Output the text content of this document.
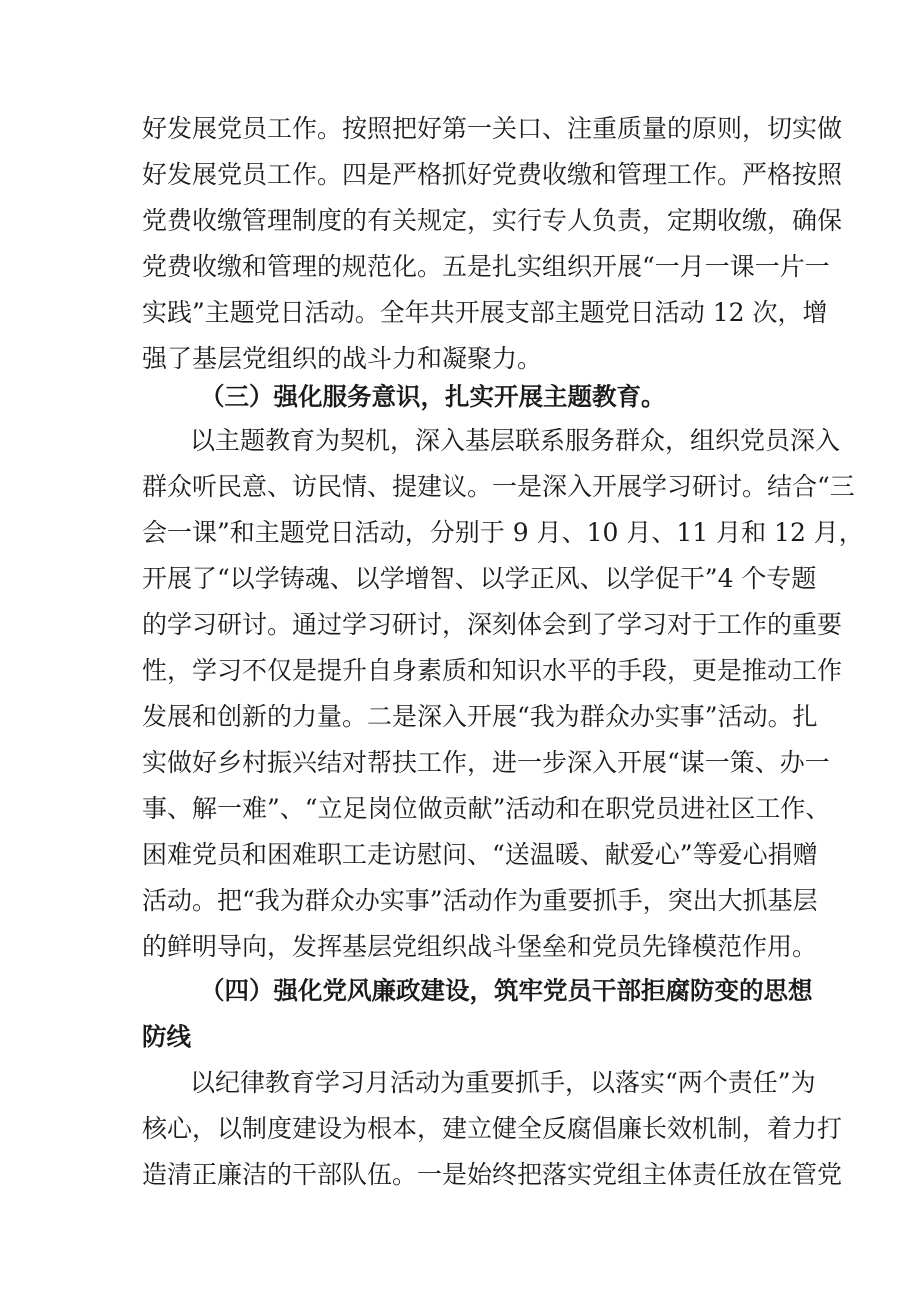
好发展党员工作。按照把好第一关口、注重质量的原则，切实做
好发展党员工作。四是严格抓好党费收缴和管理工作。严格按照
党费收缴管理制度的有关规定，实行专人负责，定期收缴，确保
党费收缴和管理的规范化。五是扎实组织开展“一月一课一片一
实践”主题党日活动。全年共开展支部主题党日活动 12 次，增
强了基层党组织的战斗力和凝聚力。
（三）强化服务意识，扎实开展主题教育。
以主题教育为契机，深入基层联系服务群众，组织党员深入
群众听民意、访民情、提建议。一是深入开展学习研讨。结合“三
会一课”和主题党日活动，分别于 9 月、10 月、11 月和 12 月，
开展了“以学铸魂、以学增智、以学正风、以学促干”4 个专题
的学习研讨。通过学习研讨，深刻体会到了学习对于工作的重要
性，学习不仅是提升自身素质和知识水平的手段，更是推动工作
发展和创新的力量。二是深入开展“我为群众办实事”活动。扎
实做好乡村振兴结对帮扶工作，进一步深入开展“谋一策、办一
事、解一难”、“立足岗位做贡献”活动和在职党员进社区工作、
困难党员和困难职工走访慰问、“送温暖、献爱心”等爱心捐赠
活动。把“我为群众办实事”活动作为重要抓手，突出大抓基层
的鲜明导向，发挥基层党组织战斗堡垒和党员先锋模范作用。
（四）强化党风廉政建设，筑牢党员干部拒腐防变的思想
防线
以纪律教育学习月活动为重要抓手，以落实“两个责任”为
核心，以制度建设为根本，建立健全反腐倡廉长效机制，着力打
造清正廉洁的干部队伍。一是始终把落实党组主体责任放在管党
